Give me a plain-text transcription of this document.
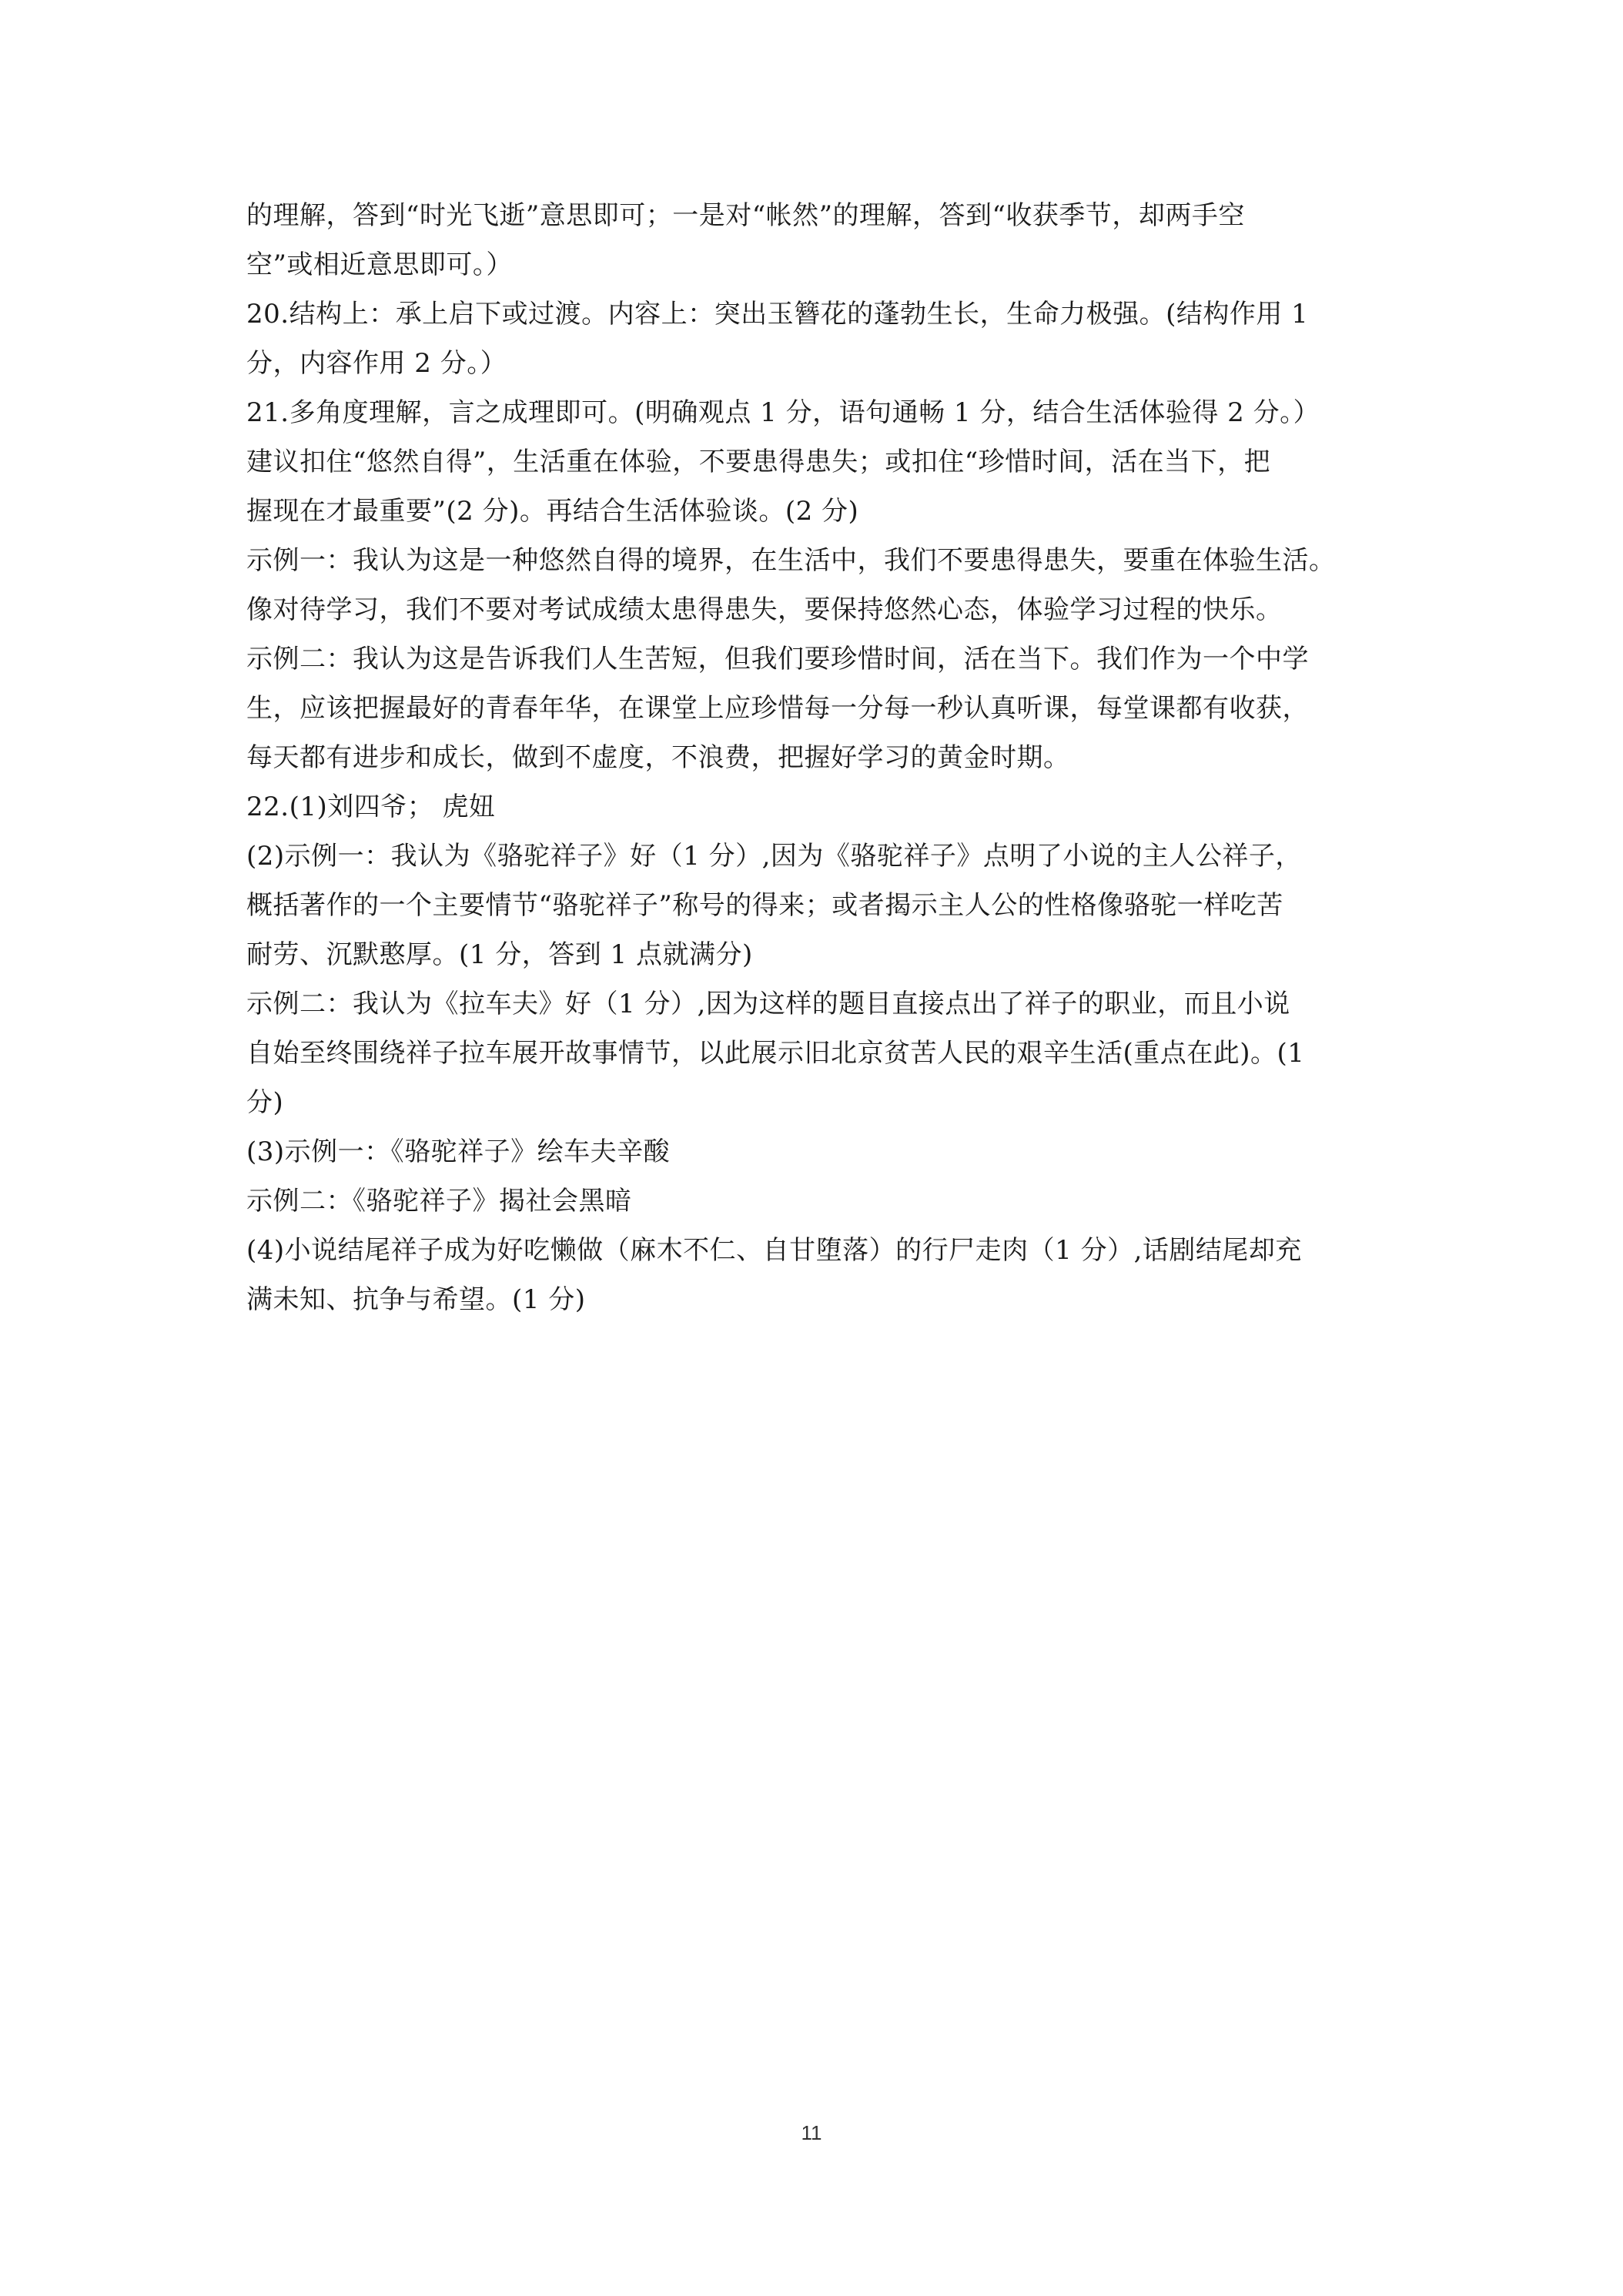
的理解，答到“时光飞逝”意思即可；一是对“帐然”的理解，答到“收获季节，却两手空
空”或相近意思即可。）
20.结构上：承上启下或过渡。内容上：突出玉簪花的蓬勃生长，生命力极强。(结构作用 1
分，内容作用 2 分。）
21.多角度理解，言之成理即可。(明确观点 1 分，语句通畅 1 分，结合生活体验得 2 分。）
建议扣住“悠然自得”，生活重在体验，不要患得患失；或扣住“珍惜时间，活在当下，把
握现在才最重要”(2 分)。再结合生活体验谈。(2 分)
示例一：我认为这是一种悠然自得的境界，在生活中，我们不要患得患失，要重在体验生活。
像对待学习，我们不要对考试成绩太患得患失，要保持悠然心态，体验学习过程的快乐。
示例二：我认为这是告诉我们人生苦短，但我们要珍惜时间，活在当下。我们作为一个中学
生，应该把握最好的青春年华，在课堂上应珍惜每一分每一秒认真听课，每堂课都有收获，
每天都有进步和成长，做到不虚度，不浪费，把握好学习的黄金时期。
22.(1)刘四爷； 虎妞
(2)示例一：我认为《骆驼祥子》好（1 分）,因为《骆驼祥子》点明了小说的主人公祥子，
概括著作的一个主要情节“骆驼祥子”称号的得来；或者揭示主人公的性格像骆驼一样吃苦
耐劳、沉默憨厚。(1 分，答到 1 点就满分)
示例二：我认为《拉车夫》好（1 分）,因为这样的题目直接点出了祥子的职业，而且小说
自始至终围绕祥子拉车展开故事情节，以此展示旧北京贫苦人民的艰辛生活(重点在此)。(1
分)
(3)示例一：《骆驼祥子》绘车夫辛酸
示例二：《骆驼祥子》揭社会黑暗
(4)小说结尾祥子成为好吃懒做（麻木不仁、自甘堕落）的行尸走肉（1 分）,话剧结尾却充
满未知、抗争与希望。(1 分)
11
